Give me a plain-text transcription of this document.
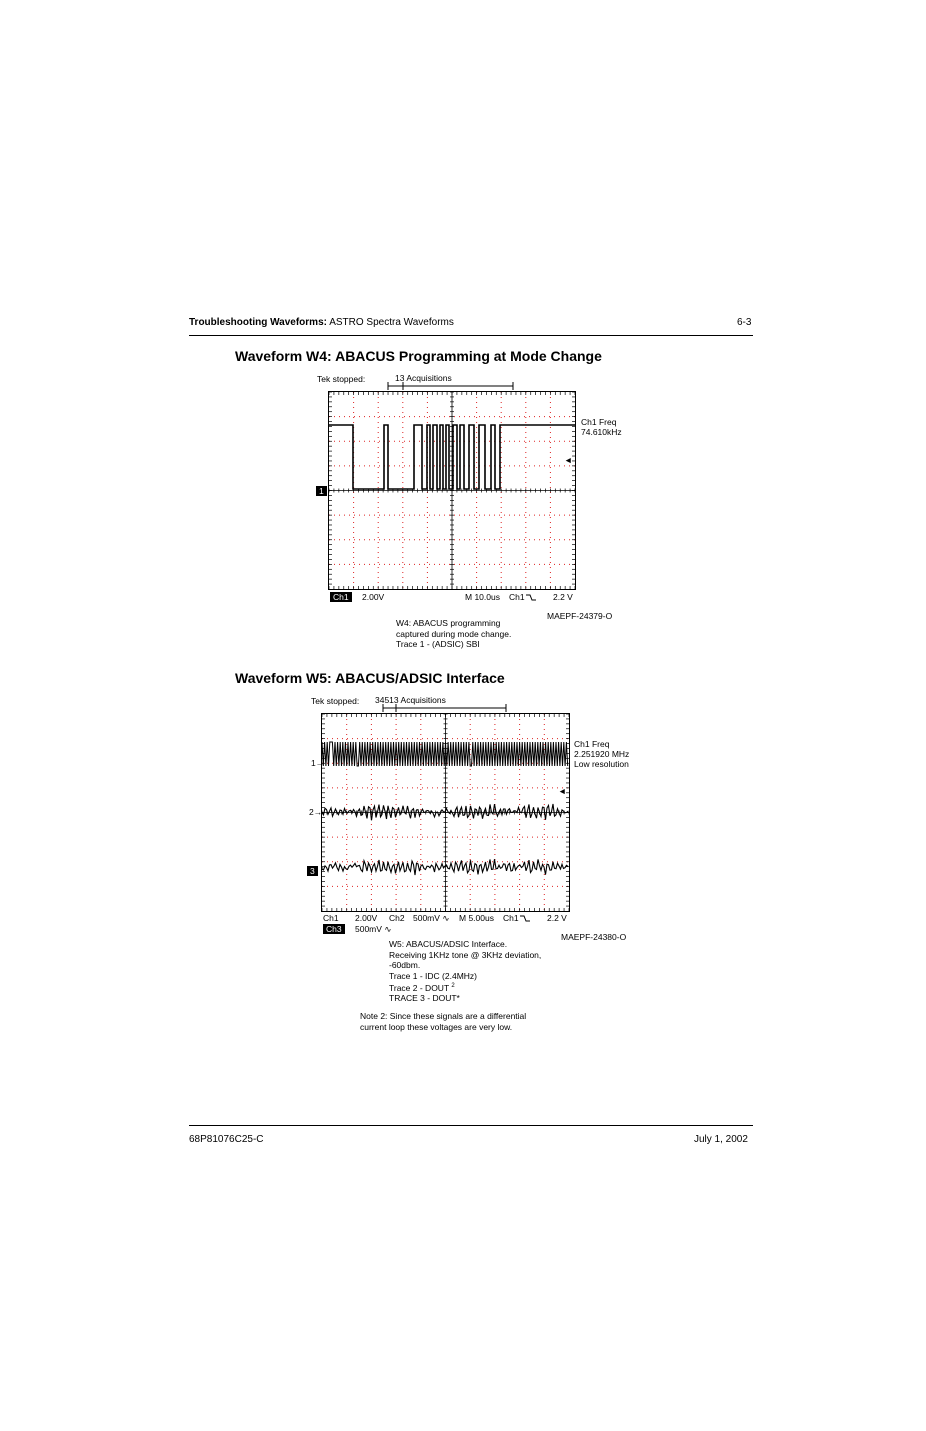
Troubleshooting Waveforms: ASTRO Spectra Waveforms	6-3
Waveform W4: ABACUS Programming at Mode Change
Tek stopped:	13 Acquisitions
Ch1 Freq
74.610kHz
◄
1
Ch1	2.00V	M 10.0us Ch1	2.2 V
MAEPF-24379-O
W4: ABACUS programming
captured during mode change.
Trace 1 - (ADSIC) SBI
Waveform W5: ABACUS/ADSIC Interface
Tek stopped: 34513 Acquisitions
Ch1 Freq
2.251920 MHz
Low resolution
◄
1→
2→
3
Ch1 2.00V Ch2 500mV ∿ M 5.00us Ch1	2.2 V
Ch3	500mV ∿
MAEPF-24380-O
W5: ABACUS/ADSIC Interface.
Receiving 1KHz tone @ 3KHz deviation,
-60dbm.
Trace 1 - IDC (2.4MHz)
Trace 2 - DOUT $^2$
TRACE 3 - DOUT*
Note 2: Since these signals are a differential
current loop these voltages are very low.
68P81076C25-C	July 1, 2002
